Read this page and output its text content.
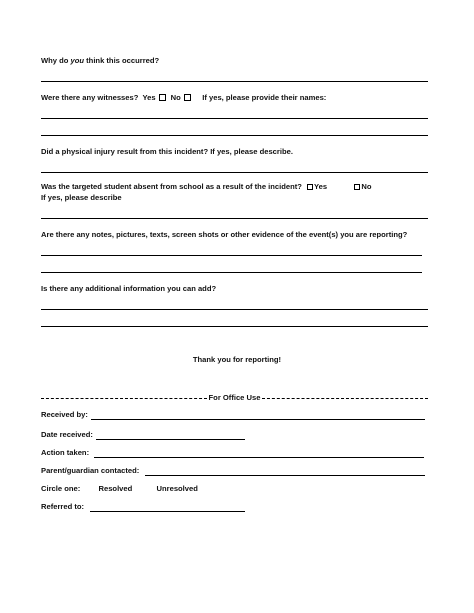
Why do you think this occurred?
Were there any witnesses? Yes No	If yes, please provide their names:
Did a physical injury result from this incident? If yes, please describe.
Was the targeted student absent from school as a result of the incident? Yes	No
If yes, please describe
Are there any notes, pictures, texts, screen shots or other evidence of the event(s) you are reporting?
Is there any additional information you can add?
Thank you for reporting!
For Office Use
Received by:
Date received:
Action taken:
Parent/guardian contacted:
Circle one: Resolved	Unresolved
Referred to:
